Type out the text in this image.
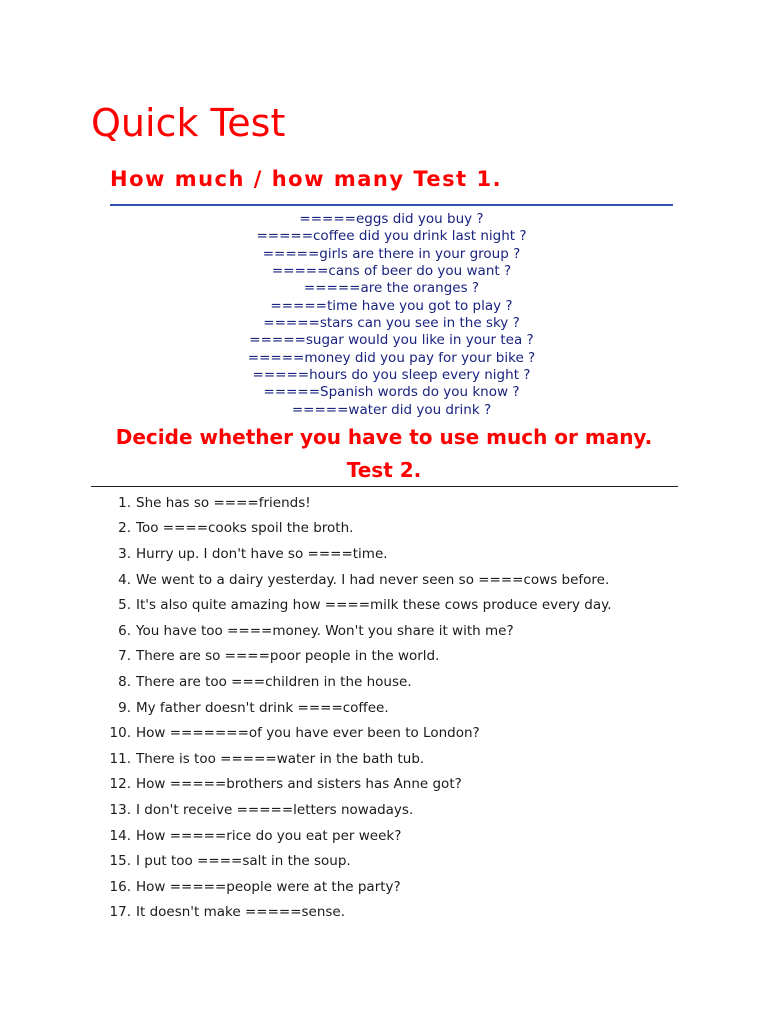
Quick Test
How much / how many Test 1.
=====eggs did you buy ?
=====coffee did you drink last night ?
=====girls are there in your group ?
=====cans of beer do you want ?
=====are the oranges ?
=====time have you got to play ?
=====stars can you see in the sky ?
=====sugar would you like in your tea ?
=====money did you pay for your bike ?
=====hours do you sleep every night ?
=====Spanish words do you know ?
=====water did you drink ?
Decide whether you have to use much or many.
Test 2.
1. She has so ====friends!
2. Too ====cooks spoil the broth.
3. Hurry up. I don't have so ====time.
4. We went to a dairy yesterday. I had never seen so ====cows before.
5. It's also quite amazing how ====milk these cows produce every day.
6. You have too ====money. Won't you share it with me?
7. There are so ====poor people in the world.
8. There are too ===children in the house.
9. My father doesn't drink ====coffee.
10. How =======of you have ever been to London?
11. There is too =====water in the bath tub.
12. How =====brothers and sisters has Anne got?
13. I don't receive =====letters nowadays.
14. How =====rice do you eat per week?
15. I put too ====salt in the soup.
16. How =====people were at the party?
17. It doesn't make =====sense.
